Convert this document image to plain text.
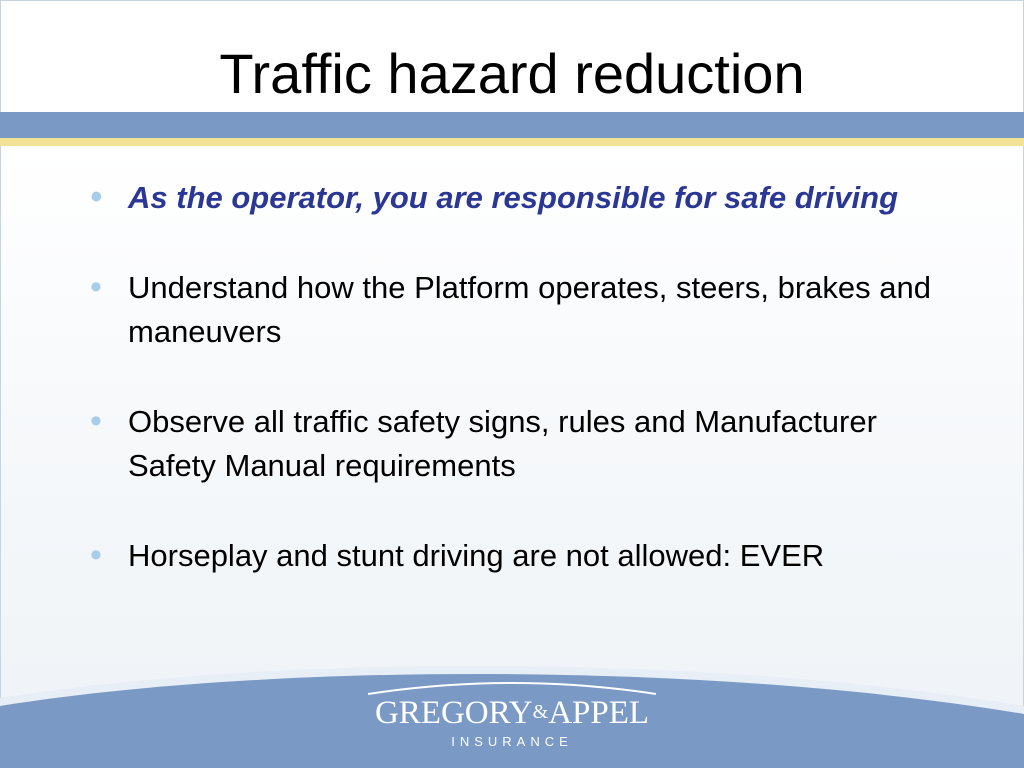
Traffic hazard reduction
• As the operator, you are responsible for safe driving
• Understand how the Platform operates, steers, brakes and maneuvers
• Observe all traffic safety signs, rules and Manufacturer Safety Manual requirements
• Horseplay and stunt driving are not allowed: EVER
GREGORY&APPEL
INSURANCE
